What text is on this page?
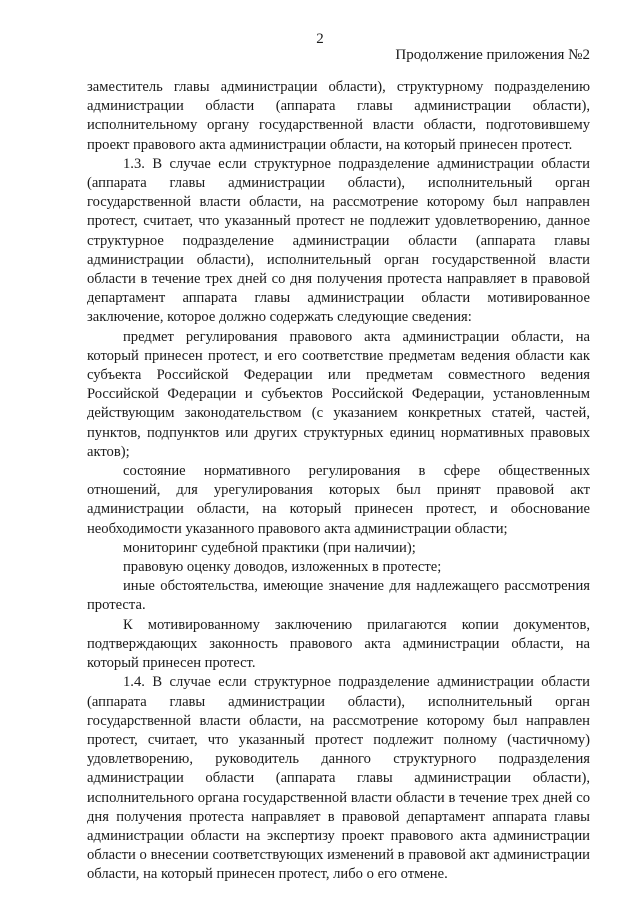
2
Продолжение приложения №2

заместитель главы администрации области), структурному подразделению администрации области (аппарата главы администрации области), исполнительному органу государственной власти области, подготовившему проект правового акта администрации области, на который принесен протест.

1.3. В случае если структурное подразделение администрации области (аппарата главы администрации области), исполнительный орган государственной власти области, на рассмотрение которому был направлен протест, считает, что указанный протест не подлежит удовлетворению, данное структурное подразделение администрации области (аппарата главы администрации области), исполнительный орган государственной власти области в течение трех дней со дня получения протеста направляет в правовой департамент аппарата главы администрации области мотивированное заключение, которое должно содержать следующие сведения:

предмет регулирования правового акта администрации области, на который принесен протест, и его соответствие предметам ведения области как субъекта Российской Федерации или предметам совместного ведения Российской Федерации и субъектов Российской Федерации, установленным действующим законодательством (с указанием конкретных статей, частей, пунктов, подпунктов или других структурных единиц нормативных правовых актов);

состояние нормативного регулирования в сфере общественных отношений, для урегулирования которых был принят правовой акт администрации области, на который принесен протест, и обоснование необходимости указанного правового акта администрации области;

мониторинг судебной практики (при наличии);

правовую оценку доводов, изложенных в протесте;

иные обстоятельства, имеющие значение для надлежащего рассмотрения протеста.

К мотивированному заключению прилагаются копии документов, подтверждающих законность правового акта администрации области, на который принесен протест.

1.4. В случае если структурное подразделение администрации области (аппарата главы администрации области), исполнительный орган государственной власти области, на рассмотрение которому был направлен протест, считает, что указанный протест подлежит полному (частичному) удовлетворению, руководитель данного структурного подразделения администрации области (аппарата главы администрации области), исполнительного органа государственной власти области в течение трех дней со дня получения протеста направляет в правовой департамент аппарата главы администрации области на экспертизу проект правового акта администрации области о внесении соответствующих изменений в правовой акт администрации области, на который принесен протест, либо о его отмене.
